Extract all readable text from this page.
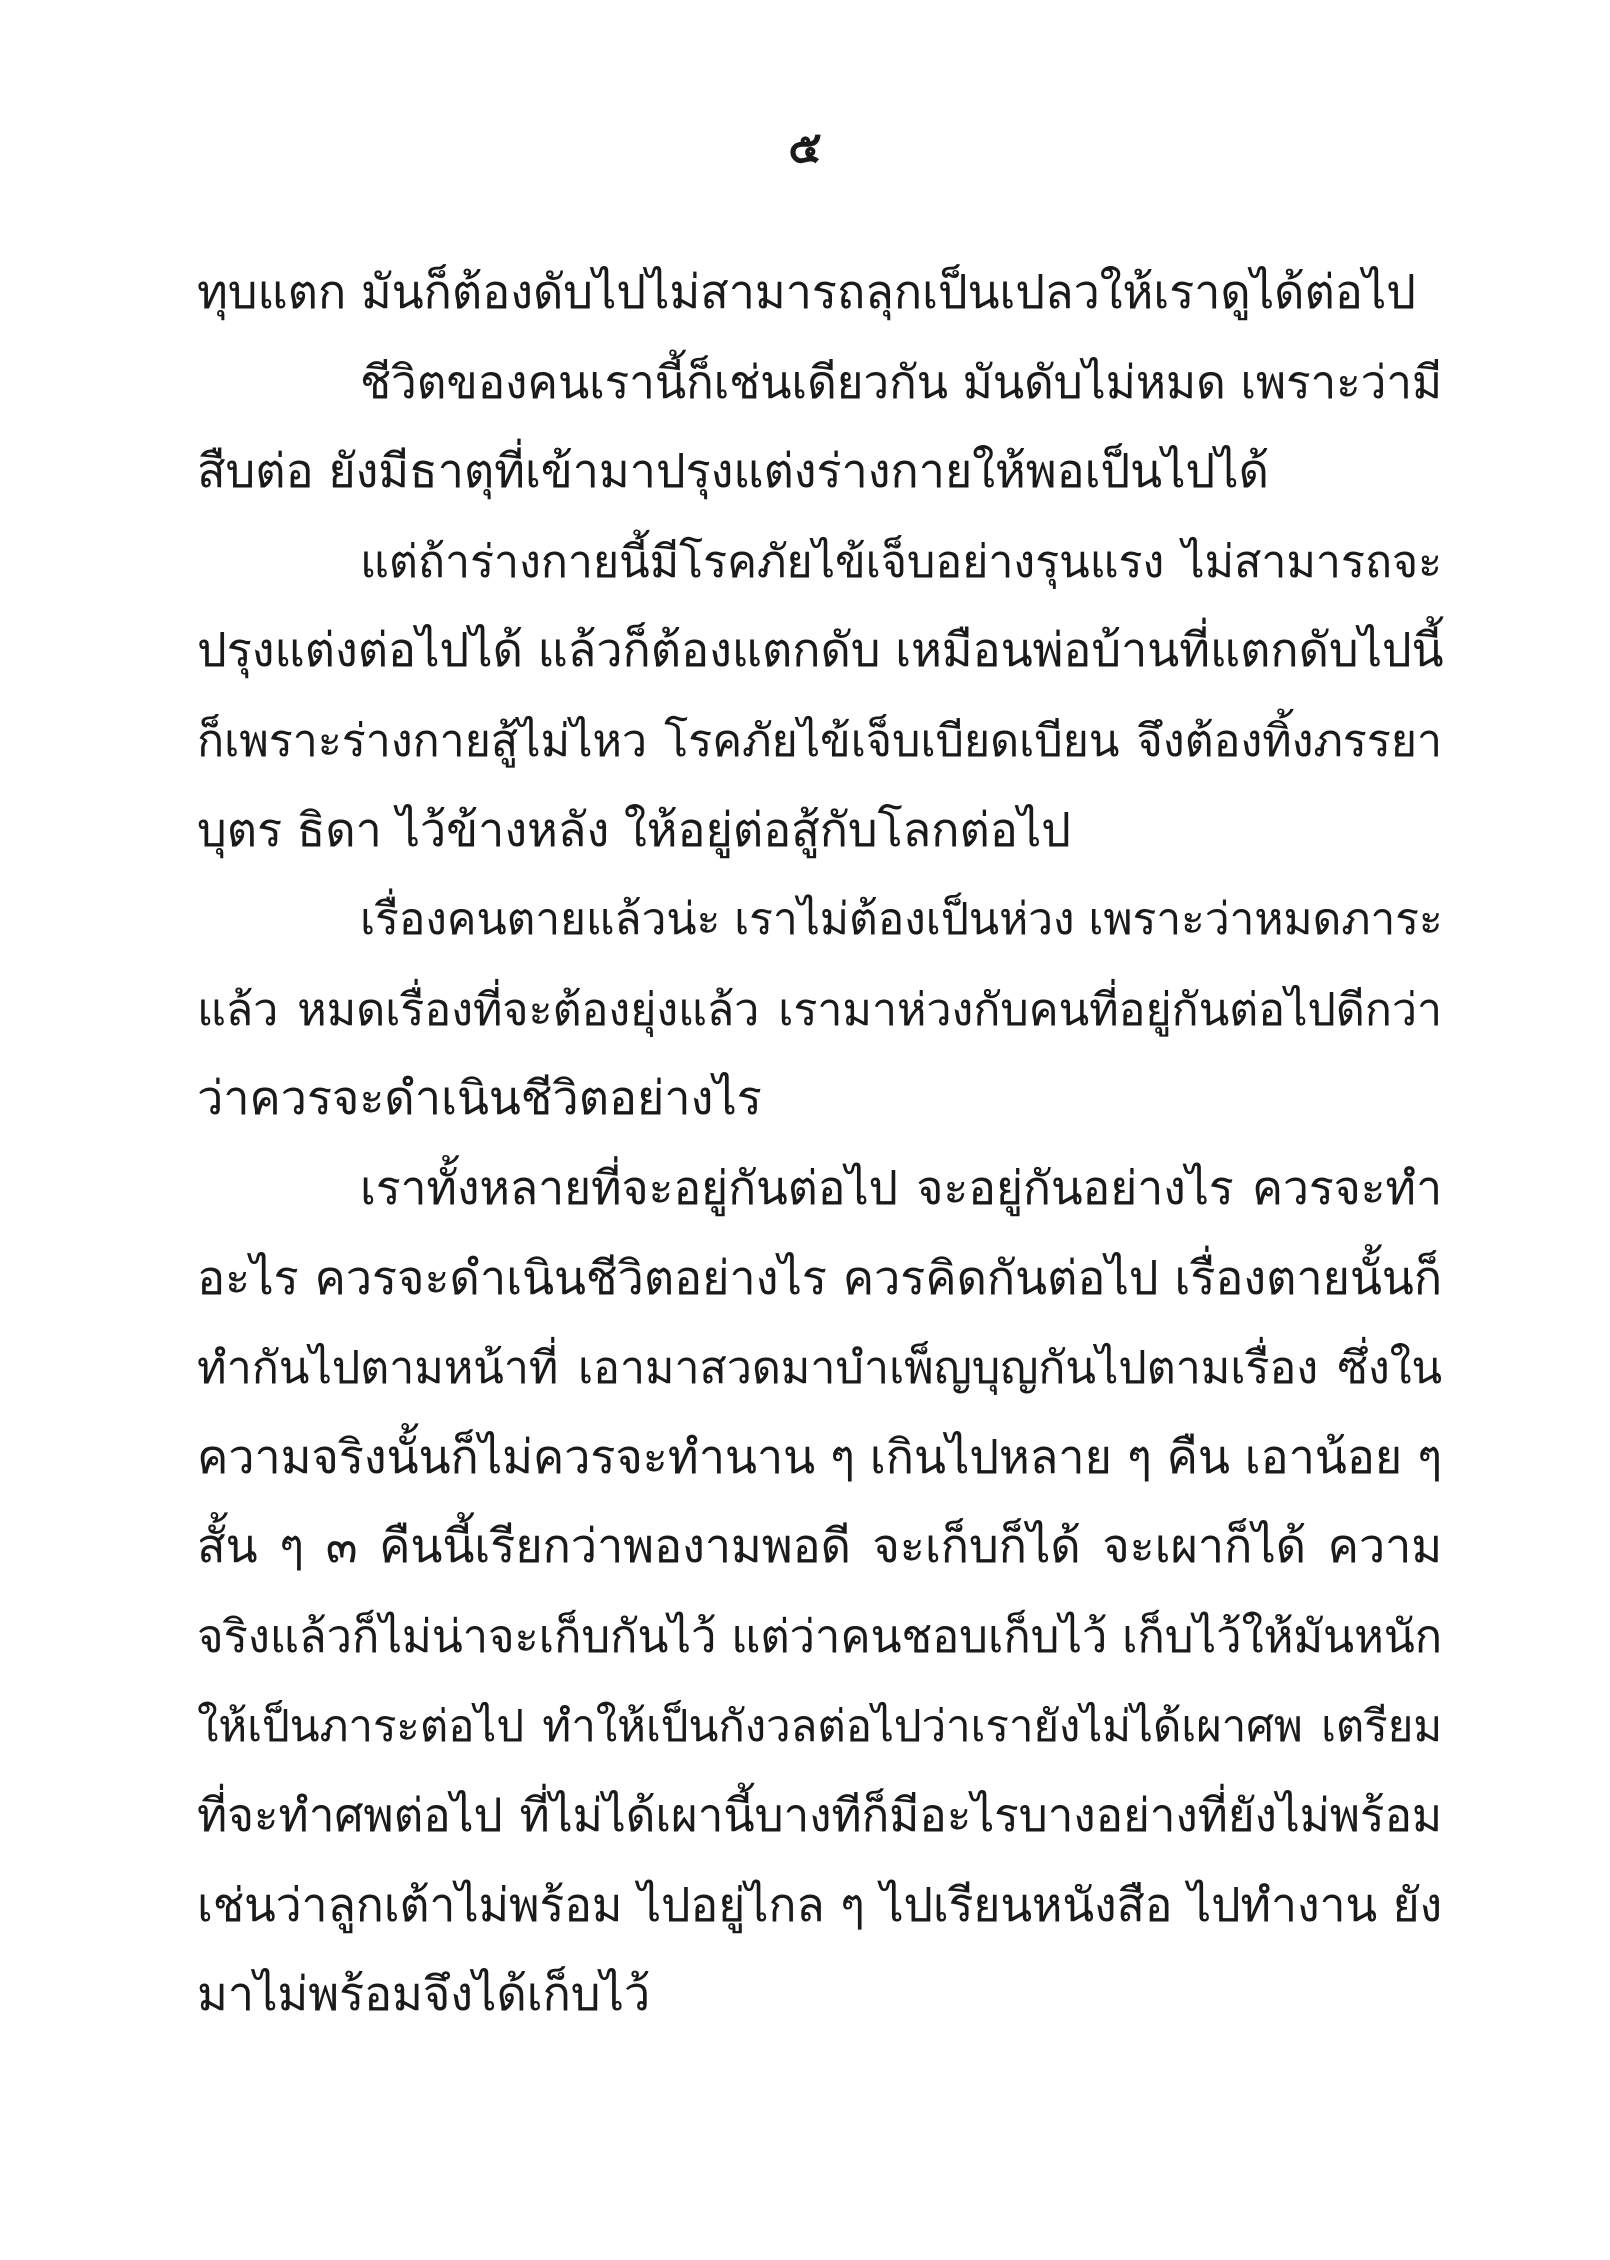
๕
ทุบแตก มันก็ต้องดับไปไม่สามารถลุกเป็นเปลวให้เราดูได้ต่อไป
ชีวิตของคนเรานี้ก็เช่นเดียวกัน มันดับไม่หมด เพราะว่ามี
สืบต่อ ยังมีธาตุที่เข้ามาปรุงแต่งร่างกายให้พอเป็นไปได้
แต่ถ้าร่างกายนี้มีโรคภัยไข้เจ็บอย่างรุนแรง ไม่สามารถจะ
ปรุงแต่งต่อไปได้ แล้วก็ต้องแตกดับ เหมือนพ่อบ้านที่แตกดับไปนี้
ก็เพราะร่างกายสู้ไม่ไหว โรคภัยไข้เจ็บเบียดเบียน จึงต้องทิ้งภรรยา
บุตร ธิดา ไว้ข้างหลัง ให้อยู่ต่อสู้กับโลกต่อไป
เรื่องคนตายแล้วน่ะ เราไม่ต้องเป็นห่วง เพราะว่าหมดภาระ
แล้ว หมดเรื่องที่จะต้องยุ่งแล้ว เรามาห่วงกับคนที่อยู่กันต่อไปดีกว่า
ว่าควรจะดำเนินชีวิตอย่างไร
เราทั้งหลายที่จะอยู่กันต่อไป จะอยู่กันอย่างไร ควรจะทำ
อะไร ควรจะดำเนินชีวิตอย่างไร ควรคิดกันต่อไป เรื่องตายนั้นก็
ทำกันไปตามหน้าที่ เอามาสวดมาบำเพ็ญบุญกันไปตามเรื่อง ซึ่งใน
ความจริงนั้นก็ไม่ควรจะทำนาน ๆ เกินไปหลาย ๆ คืน เอาน้อย ๆ
สั้น ๆ ๓ คืนนี้เรียกว่าพองามพอดี จะเก็บก็ได้ จะเผาก็ได้ ความ
จริงแล้วก็ไม่น่าจะเก็บกันไว้ แต่ว่าคนชอบเก็บไว้ เก็บไว้ให้มันหนัก
ให้เป็นภาระต่อไป ทำให้เป็นกังวลต่อไปว่าเรายังไม่ได้เผาศพ เตรียม
ที่จะทำศพต่อไป ที่ไม่ได้เผานี้บางทีก็มีอะไรบางอย่างที่ยังไม่พร้อม
เช่นว่าลูกเต้าไม่พร้อม ไปอยู่ไกล ๆ ไปเรียนหนังสือ ไปทำงาน ยัง
มาไม่พร้อมจึงได้เก็บไว้
